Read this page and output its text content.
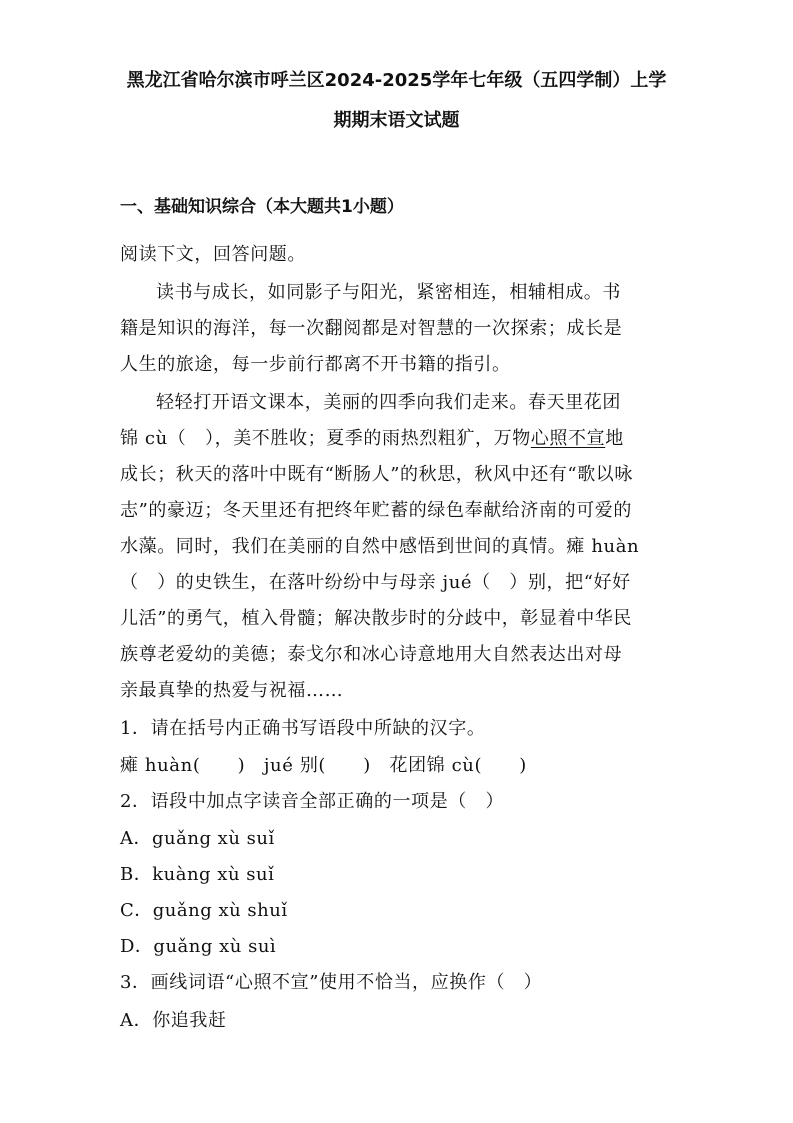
黑龙江省哈尔滨市呼兰区2024-2025学年七年级（五四学制）上学
期期末语文试题
一、基础知识综合（本大题共1小题）
阅读下文，回答问题。
读书与成长，如同影子与阳光，紧密相连，相辅相成。书
籍是知识的海洋，每一次翻阅都是对智慧的一次探索；成长是
人生的旅途，每一步前行都离不开书籍的指引。
轻轻打开语文课本，美丽的四季向我们走来。春天里花团
锦 cù（　），美不胜收；夏季的雨热烈粗犷，万物心照不宣地
成长；秋天的落叶中既有“断肠人”的秋思，秋风中还有“歌以咏
志”的豪迈；冬天里还有把终年贮蓄的绿色奉献给济南的可爱的
水藻。同时，我们在美丽的自然中感悟到世间的真情。瘫 huàn
（　）的史铁生，在落叶纷纷中与母亲 jué（　）别，把“好好
儿活”的勇气，植入骨髓；解决散步时的分歧中，彰显着中华民
族尊老爱幼的美德；泰戈尔和冰心诗意地用大自然表达出对母
亲最真挚的热爱与祝福……
1．请在括号内正确书写语段中所缺的汉字。
瘫 huàn(　　)　jué 别(　　)　花团锦 cù(　　)
2．语段中加点字读音全部正确的一项是（　）
A．guǎng xù suǐ
B．kuàng xù suǐ
C．guǎng xù shuǐ
D．guǎng xù suì
3．画线词语“心照不宣”使用不恰当，应换作（　）
A．你追我赶
